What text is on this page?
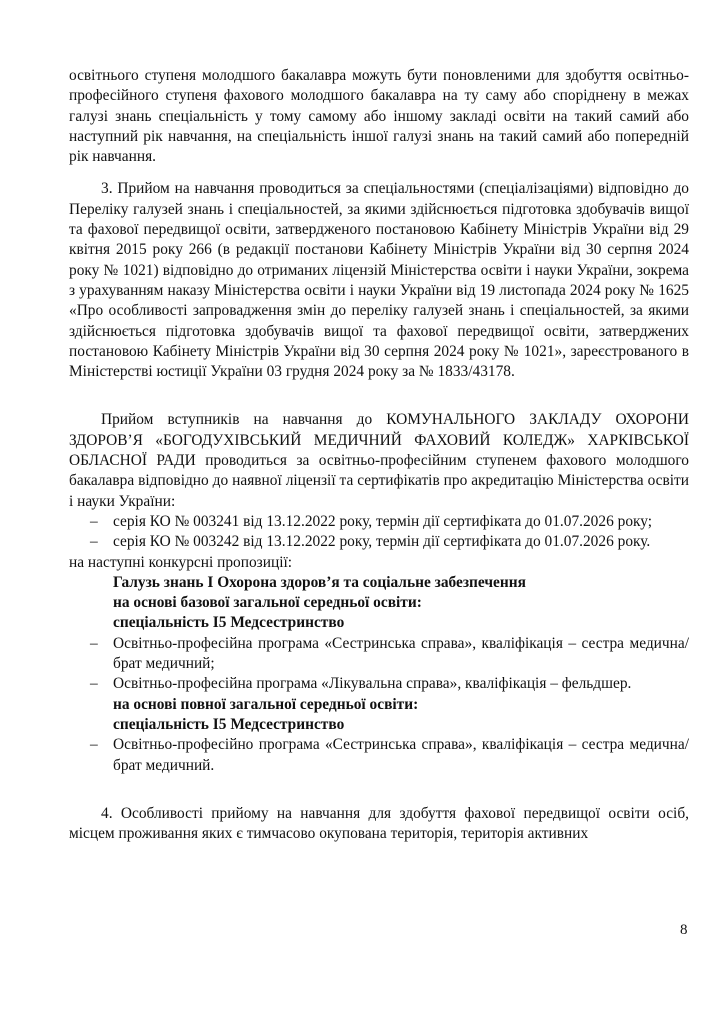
освітнього ступеня молодшого бакалавра можуть бути поновленими для здобуття освітньо-професійного ступеня фахового молодшого бакалавра на ту саму або споріднену в межах галузі знань спеціальність у тому самому або іншому закладі освіти на такий самий або наступний рік навчання, на спеціальність іншої галузі знань на такий самий або попередній рік навчання.

3. Прийом на навчання проводиться за спеціальностями (спеціалізаціями) відповідно до Переліку галузей знань і спеціальностей, за якими здійснюється підготовка здобувачів вищої та фахової передвищої освіти, затвердженого постановою Кабінету Міністрів України від 29 квітня 2015 року 266 (в редакції постанови Кабінету Міністрів України від 30 серпня 2024 року № 1021) відповідно до отриманих ліцензій Міністерства освіти і науки України, зокрема з урахуванням наказу Міністерства освіти і науки України від 19 листопада 2024 року № 1625 «Про особливості запровадження змін до переліку галузей знань і спеціальностей, за якими здійснюється підготовка здобувачів вищої та фахової передвищої освіти, затверджених постановою Кабінету Міністрів України від 30 серпня 2024 року № 1021», зареєстрованого в Міністерстві юстиції України 03 грудня 2024 року за № 1833/43178.

Прийом вступників на навчання до КОМУНАЛЬНОГО ЗАКЛАДУ ОХОРОНИ ЗДОРОВ’Я «БОГОДУХІВСЬКИЙ МЕДИЧНИЙ ФАХОВИЙ КОЛЕДЖ» ХАРКІВСЬКОЇ ОБЛАСНОЇ РАДИ проводиться за освітньо-професійним ступенем фахового молодшого бакалавра відповідно до наявної ліцензії та сертифікатів про акредитацію Міністерства освіти і науки України:

– серія КО № 003241 від 13.12.2022 року, термін дії сертифіката до 01.07.2026 року;
– серія КО № 003242 від 13.12.2022 року, термін дії сертифіката до 01.07.2026 року.

на наступні конкурсні пропозиції:

Галузь знань І Охорона здоров’я та соціальне забезпечення

на основі базової загальної середньої освіти:

спеціальність І5 Медсестринство

– Освітньо-професійна програма «Сестринська справа», кваліфікація – сестра медична/брат медичний;
– Освітньо-професійна програма «Лікувальна справа», кваліфікація – фельдшер.

на основі повної загальної середньої освіти:

спеціальність І5 Медсестринство

– Освітньо-професійно програма «Сестринська справа», кваліфікація – сестра медична/брат медичний.

4. Особливості прийому на навчання для здобуття фахової передвищої освіти осіб, місцем проживання яких є тимчасово окупована територія, територія активних

8
